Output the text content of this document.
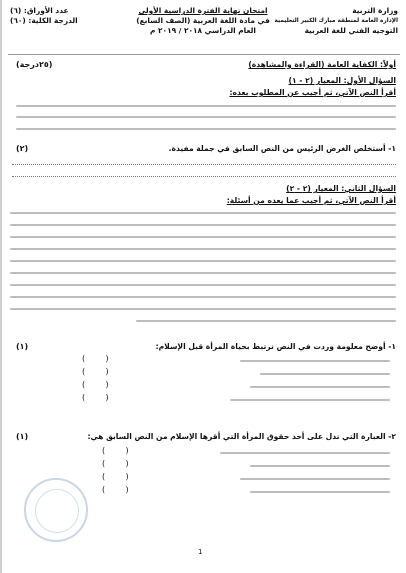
وزارة التربية
الإدارة العامة لمنطقة مبارك الكبير التعليمية
التوجيه الفني للغة العربية
امتحان نهاية الفترة الدراسية الأولى
في مادة اللغة العربية (الصف السابع)
العام الدراسي ٢٠١٨ / ٢٠١٩ م
عدد الأوراق: (٦)
الدرجة الكلية: (٦٠)
أولاً: الكفاية العامة (القراءة والمشاهدة)
(٢٥درجة)
السؤال الأول: المعيار (٢ - ١)
أقرأ النص الآتي، ثم أجيب عن المطلوب بعده:
١- أستخلص الغرض الرئيس من النص السابق في جملة مفيدة.
(٢)
السؤال الثاني: المعيار (٢ - ٢)
أقرأ النص الآتي، ثم أجيب عما يعده من أسئلة:
١- أوضح معلومة وردت في النص ترتبط بحياة المرأة قبل الإسلام:
(١)
(        )
(        )
(        )
(        )
٢- العبارة التي تدل على أحد حقوق المرأة التي أقرها الإسلام من النص السابق هي:
(١)
(        )
(        )
(        )
(        )
1
